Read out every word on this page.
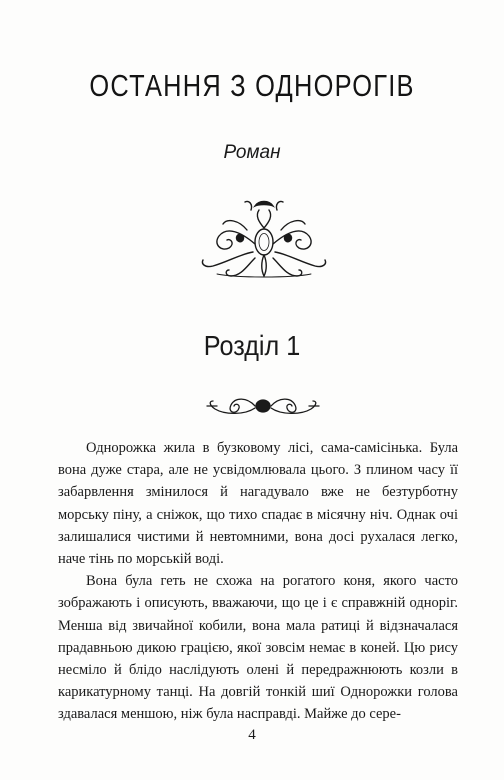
ОСТАННЯ З ОДНОРОГІВ
Роман
Розділ 1

Однорожка жила в бузковому лісі, сама-самісінька. Була вона дуже стара, але не усвідомлювала цього. З плином часу її забарвлення змінилося й нагадувало вже не безтурботну морську піну, а сніжок, що тихо спадає в місячну ніч. Однак очі залишалися чистими й невтомними, вона досі рухалася легко, наче тінь по морській воді.

Вона була геть не схожа на рогатого коня, якого часто зображають і описують, вважаючи, що це і є справжній одноріг. Менша від звичайної кобили, вона мала ратиці й відзначалася прадавньою дикою грацією, якої зовсім немає в коней. Цю рису несміло й блідо наслідують олені й передражнюють козли в карикатурному танці. На довгій тонкій шиї Однорожки голова здавалася меншою, ніж була насправді. Майже до сере-

4
